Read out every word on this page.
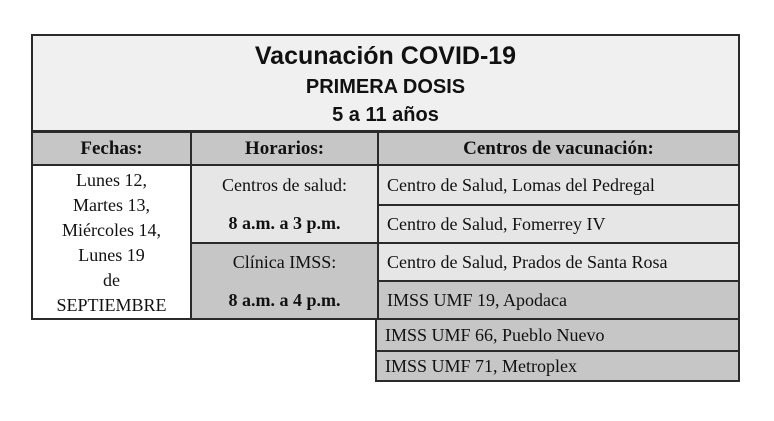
Vacunación COVID-19
PRIMERA DOSIS
5 a 11 años
Fechas:	Horarios:	Centros de vacunación:
Lunes 12,
Martes 13,
Miércoles 14,
Lunes 19
de
SEPTIEMBRE
Centros de salud:
8 a.m. a 3 p.m.
Clínica IMSS:
8 a.m. a 4 p.m.
Centro de Salud, Lomas del Pedregal
Centro de Salud, Fomerrey IV
Centro de Salud, Prados de Santa Rosa
IMSS UMF 19, Apodaca
IMSS UMF 66, Pueblo Nuevo
IMSS UMF 71, Metroplex
